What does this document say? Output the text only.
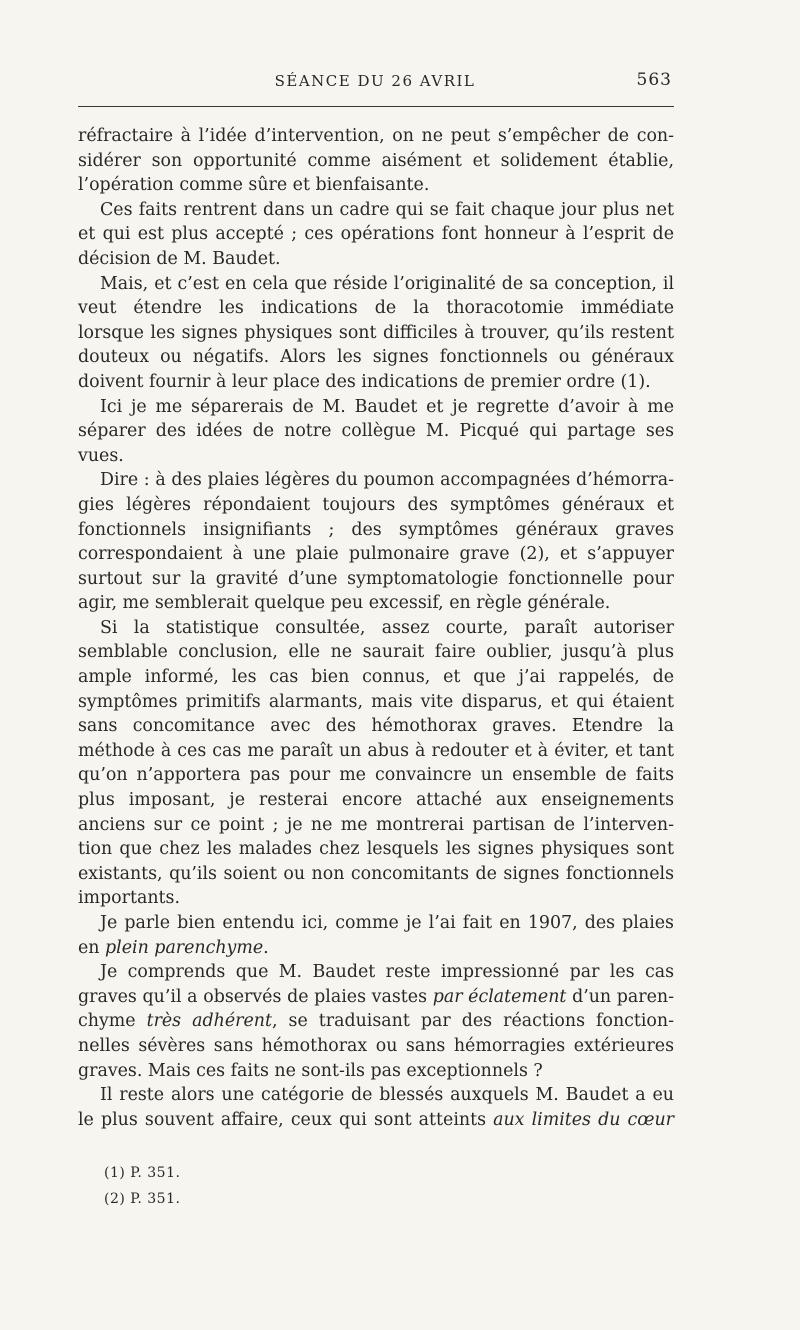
SÉANCE DU 26 AVRIL	563
réfractaire à l’idée d’intervention, on ne peut s’empêcher de con-
sidérer son opportunité comme aisément et solidement établie,
l’opération comme sûre et bienfaisante.
Ces faits rentrent dans un cadre qui se fait chaque jour plus net
et qui est plus accepté ; ces opérations font honneur à l’esprit de
décision de M. Baudet.
Mais, et c’est en cela que réside l’originalité de sa conception, il
veut étendre les indications de la thoracotomie immédiate
lorsque les signes physiques sont difficiles à trouver, qu’ils restent
douteux ou négatifs. Alors les signes fonctionnels ou généraux
doivent fournir à leur place des indications de premier ordre (1).
Ici je me séparerais de M. Baudet et je regrette d’avoir à me
séparer des idées de notre collègue M. Picqué qui partage ses
vues.
Dire : à des plaies légères du poumon accompagnées d’hémorra-
gies légères répondaient toujours des symptômes généraux et
fonctionnels insignifiants ; des symptômes généraux graves
correspondaient à une plaie pulmonaire grave (2), et s’appuyer
surtout sur la gravité d’une symptomatologie fonctionnelle pour
agir, me semblerait quelque peu excessif, en règle générale.
Si la statistique consultée, assez courte, paraît autoriser
semblable conclusion, elle ne saurait faire oublier, jusqu’à plus
ample informé, les cas bien connus, et que j’ai rappelés, de
symptômes primitifs alarmants, mais vite disparus, et qui étaient
sans concomitance avec des hémothorax graves. Etendre la
méthode à ces cas me paraît un abus à redouter et à éviter, et tant
qu’on n’apportera pas pour me convaincre un ensemble de faits
plus imposant, je resterai encore attaché aux enseignements
anciens sur ce point ; je ne me montrerai partisan de l’interven-
tion que chez les malades chez lesquels les signes physiques sont
existants, qu’ils soient ou non concomitants de signes fonctionnels
importants.
Je parle bien entendu ici, comme je l’ai fait en 1907, des plaies
en plein parenchyme.
Je comprends que M. Baudet reste impressionné par les cas
graves qu’il a observés de plaies vastes par éclatement d’un paren-
chyme très adhérent, se traduisant par des réactions fonction-
nelles sévères sans hémothorax ou sans hémorragies extérieures
graves. Mais ces faits ne sont-ils pas exceptionnels ?
Il reste alors une catégorie de blessés auxquels M. Baudet a eu
le plus souvent affaire, ceux qui sont atteints aux limites du cœur
(1) P. 351.
(2) P. 351.
